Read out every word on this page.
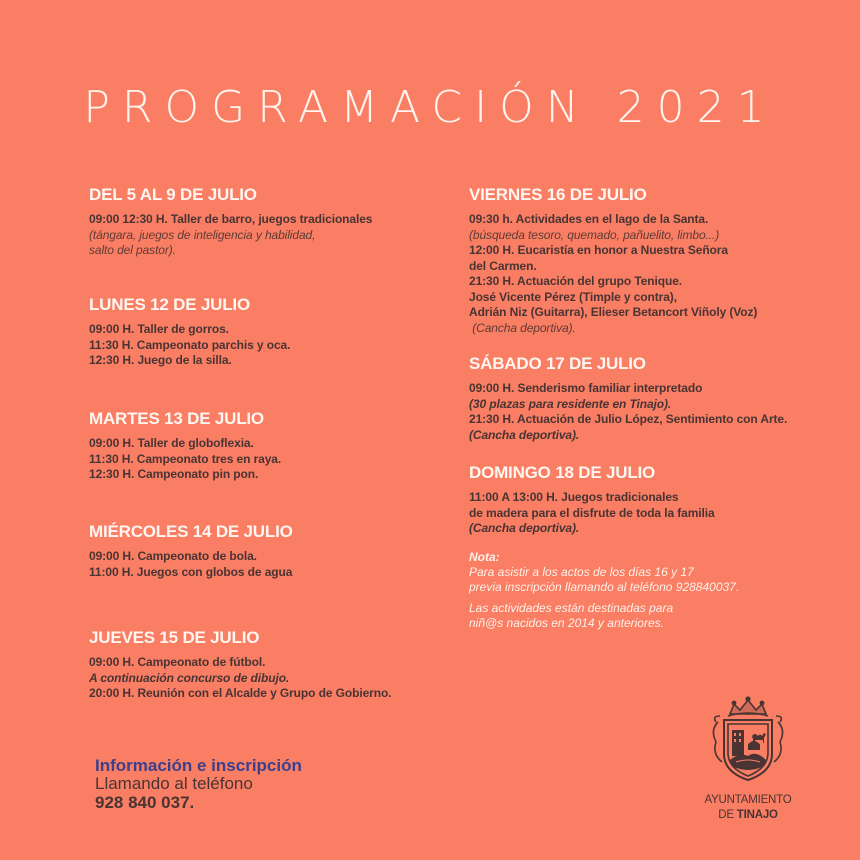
PROGRAMACIÓN 2021
DEL 5 AL 9 DE JULIO
09:00 12:30 H. Taller de barro, juegos tradicionales
(tángara, juegos de inteligencia y habilidad,
salto del pastor).
LUNES 12 DE JULIO
09:00 H. Taller de gorros.
11:30 H. Campeonato parchis y oca.
12:30 H. Juego de la silla.
MARTES 13 DE JULIO
09:00 H. Taller de globoflexia.
11:30 H. Campeonato tres en raya.
12:30 H. Campeonato pin pon.
MIÉRCOLES 14 DE JULIO
09:00 H. Campeonato de bola.
11:00 H. Juegos con globos de agua
JUEVES 15 DE JULIO
09:00 H. Campeonato de fútbol.
A continuación concurso de dibujo.
20:00 H. Reunión con el Alcalde y Grupo de Gobierno.
VIERNES 16 DE JULIO
09:30 h. Actividades en el lago de la Santa.
(búsqueda tesoro, quemado, pañuelito, limbo...)
12:00 H. Eucaristía en honor a Nuestra Señora
del Carmen.
21:30 H. Actuación del grupo Tenique.
José Vicente Pérez (Timple y contra),
Adrián Niz (Guitarra), Elieser Betancort Viñoly (Voz)
(Cancha deportiva).
SÁBADO 17 DE JULIO
09:00 H. Senderismo familiar interpretado
(30 plazas para residente en Tinajo).
21:30 H. Actuación de Julio López, Sentimiento con Arte.
(Cancha deportiva).
DOMINGO 18 DE JULIO
11:00 A 13:00 H. Juegos tradicionales
de madera para el disfrute de toda la familia
(Cancha deportiva).
Nota:
Para asistir a los actos de los días 16 y 17
previa inscripción llamando al teléfono 928840037.
Las actividades están destinadas para
niñ@s nacidos en 2014 y anteriores.
Información e inscripción
Llamando al teléfono
928 840 037.	AYUNTAMIENTO
DE TINAJO
